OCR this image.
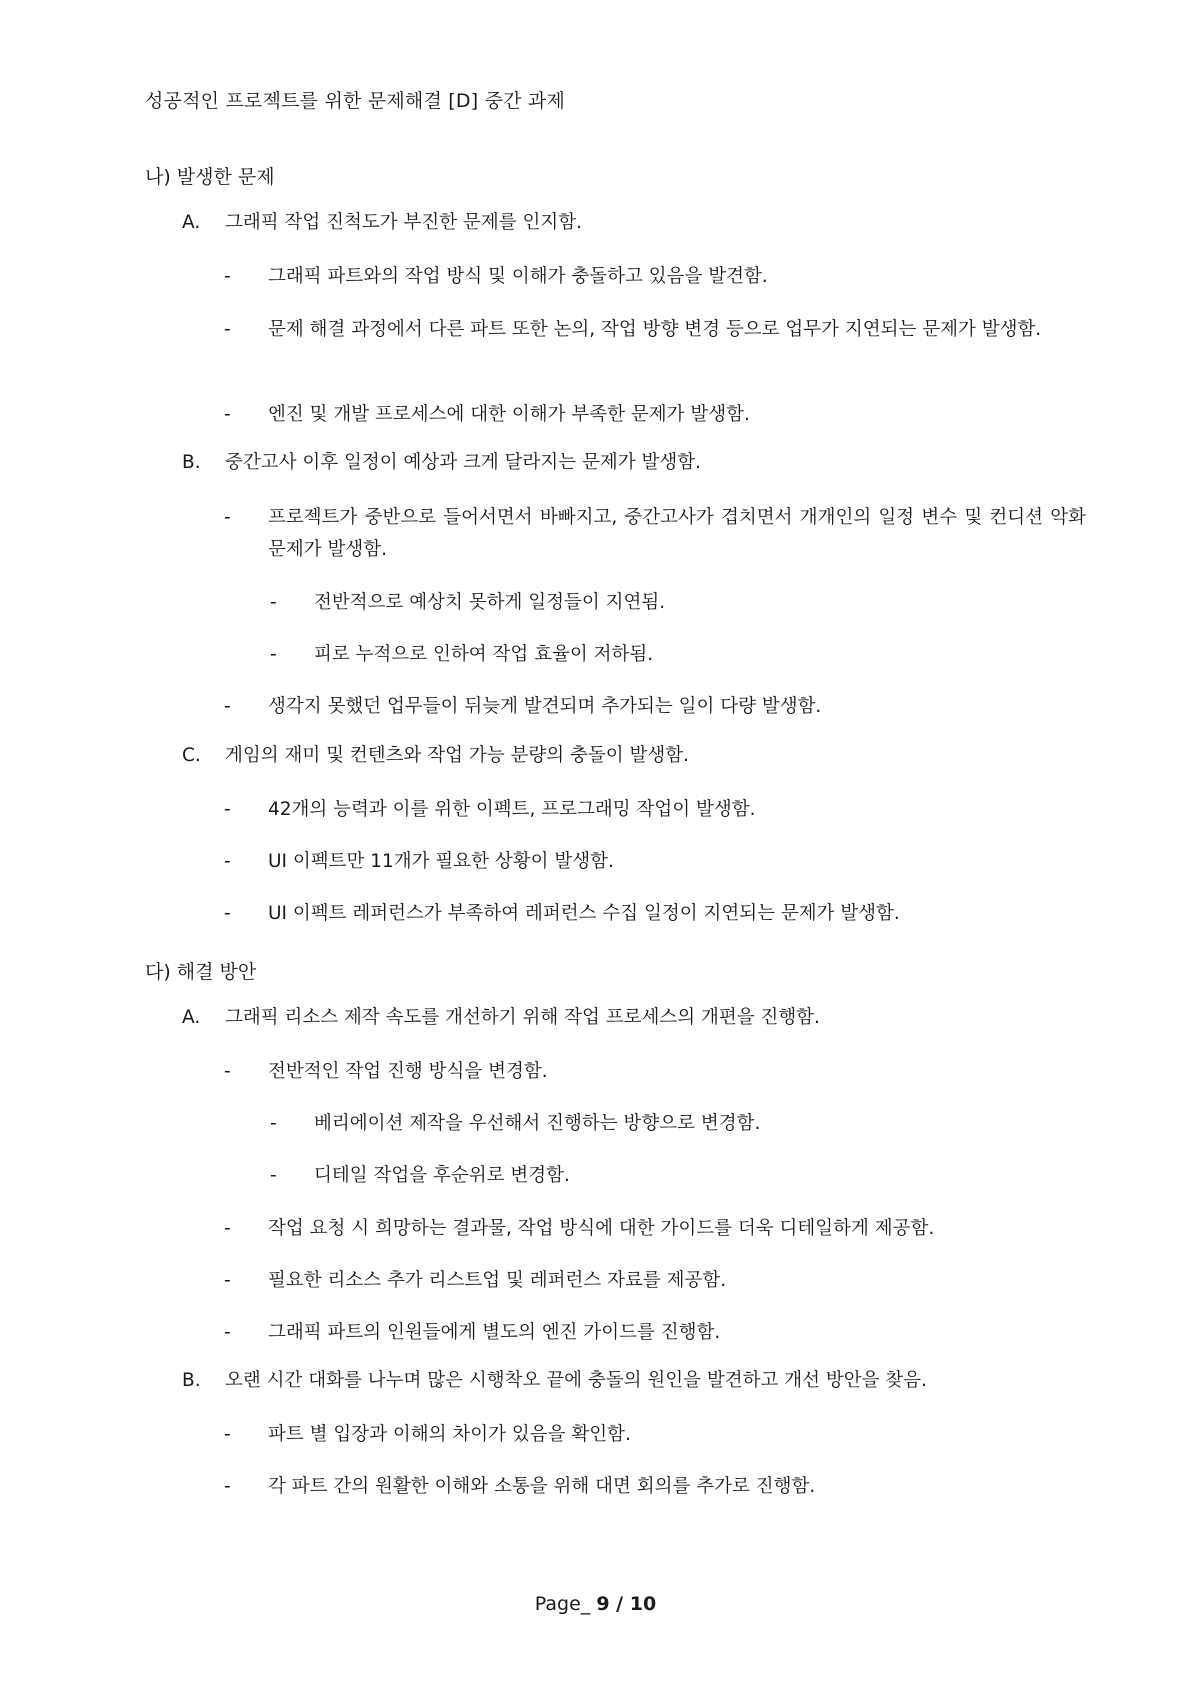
성공적인 프로젝트를 위한 문제해결 [D] 중간 과제
나) 발생한 문제
A. 그래픽 작업 진척도가 부진한 문제를 인지함.
- 그래픽 파트와의 작업 방식 및 이해가 충돌하고 있음을 발견함.
- 문제 해결 과정에서 다른 파트 또한 논의, 작업 방향 변경 등으로 업무가 지연되는 문제가 발생함.
- 엔진 및 개발 프로세스에 대한 이해가 부족한 문제가 발생함.
B. 중간고사 이후 일정이 예상과 크게 달라지는 문제가 발생함.
- 프로젝트가 중반으로 들어서면서 바빠지고, 중간고사가 겹치면서 개개인의 일정 변수 및 컨디션 악화 문제가 발생함.
- 전반적으로 예상치 못하게 일정들이 지연됨.
- 피로 누적으로 인하여 작업 효율이 저하됨.
- 생각지 못했던 업무들이 뒤늦게 발견되며 추가되는 일이 다량 발생함.
C. 게임의 재미 및 컨텐츠와 작업 가능 분량의 충돌이 발생함.
- 42개의 능력과 이를 위한 이펙트, 프로그래밍 작업이 발생함.
- UI 이펙트만 11개가 필요한 상황이 발생함.
- UI 이펙트 레퍼런스가 부족하여 레퍼런스 수집 일정이 지연되는 문제가 발생함.
다) 해결 방안
A. 그래픽 리소스 제작 속도를 개선하기 위해 작업 프로세스의 개편을 진행함.
- 전반적인 작업 진행 방식을 변경함.
- 베리에이션 제작을 우선해서 진행하는 방향으로 변경함.
- 디테일 작업을 후순위로 변경함.
- 작업 요청 시 희망하는 결과물, 작업 방식에 대한 가이드를 더욱 디테일하게 제공함.
- 필요한 리소스 추가 리스트업 및 레퍼런스 자료를 제공함.
- 그래픽 파트의 인원들에게 별도의 엔진 가이드를 진행함.
B. 오랜 시간 대화를 나누며 많은 시행착오 끝에 충돌의 원인을 발견하고 개선 방안을 찾음.
- 파트 별 입장과 이해의 차이가 있음을 확인함.
- 각 파트 간의 원활한 이해와 소통을 위해 대면 회의를 추가로 진행함.
Page_ 9 / 10
